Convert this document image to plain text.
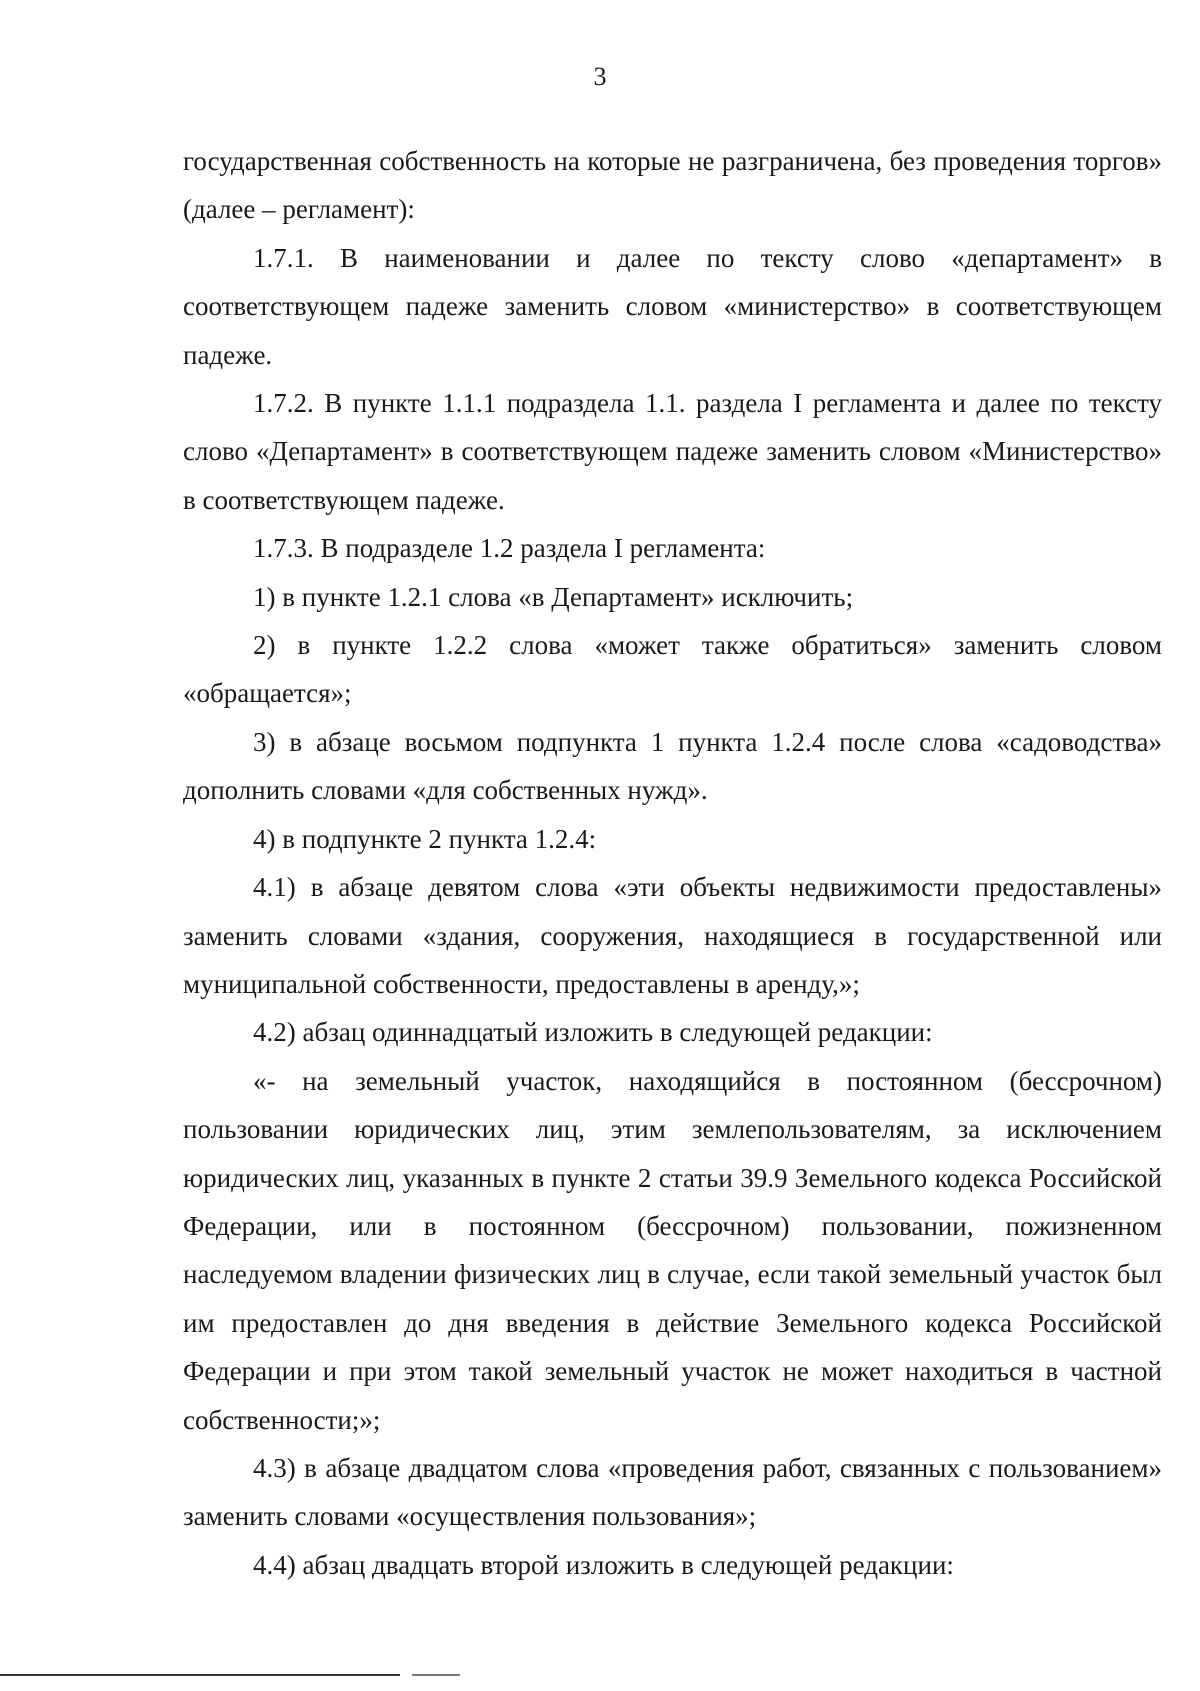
3

государственная собственность на которые не разграничена, без проведения торгов» (далее – регламент):

1.7.1. В наименовании и далее по тексту слово «департамент» в соответствующем падеже заменить словом «министерство» в соответствующем падеже.

1.7.2. В пункте 1.1.1 подраздела 1.1. раздела I регламента и далее по тексту слово «Департамент» в соответствующем падеже заменить словом «Министерство» в соответствующем падеже.

1.7.3. В подразделе 1.2 раздела I регламента:

1) в пункте 1.2.1 слова «в Департамент» исключить;

2) в пункте 1.2.2 слова «может также обратиться» заменить словом «обращается»;

3) в абзаце восьмом подпункта 1 пункта 1.2.4 после слова «садоводства» дополнить словами «для собственных нужд».

4) в подпункте 2 пункта 1.2.4:

4.1) в абзаце девятом слова «эти объекты недвижимости предоставлены» заменить словами «здания, сооружения, находящиеся в государственной или муниципальной собственности, предоставлены в аренду,»;

4.2) абзац одиннадцатый изложить в следующей редакции:

«- на земельный участок, находящийся в постоянном (бессрочном) пользовании юридических лиц, этим землепользователям, за исключением юридических лиц, указанных в пункте 2 статьи 39.9 Земельного кодекса Российской Федерации, или в постоянном (бессрочном) пользовании, пожизненном наследуемом владении физических лиц в случае, если такой земельный участок был им предоставлен до дня введения в действие Земельного кодекса Российской Федерации и при этом такой земельный участок не может находиться в частной собственности;»;

4.3) в абзаце двадцатом слова «проведения работ, связанных с пользованием» заменить словами «осуществления пользования»;

4.4) абзац двадцать второй изложить в следующей редакции:
